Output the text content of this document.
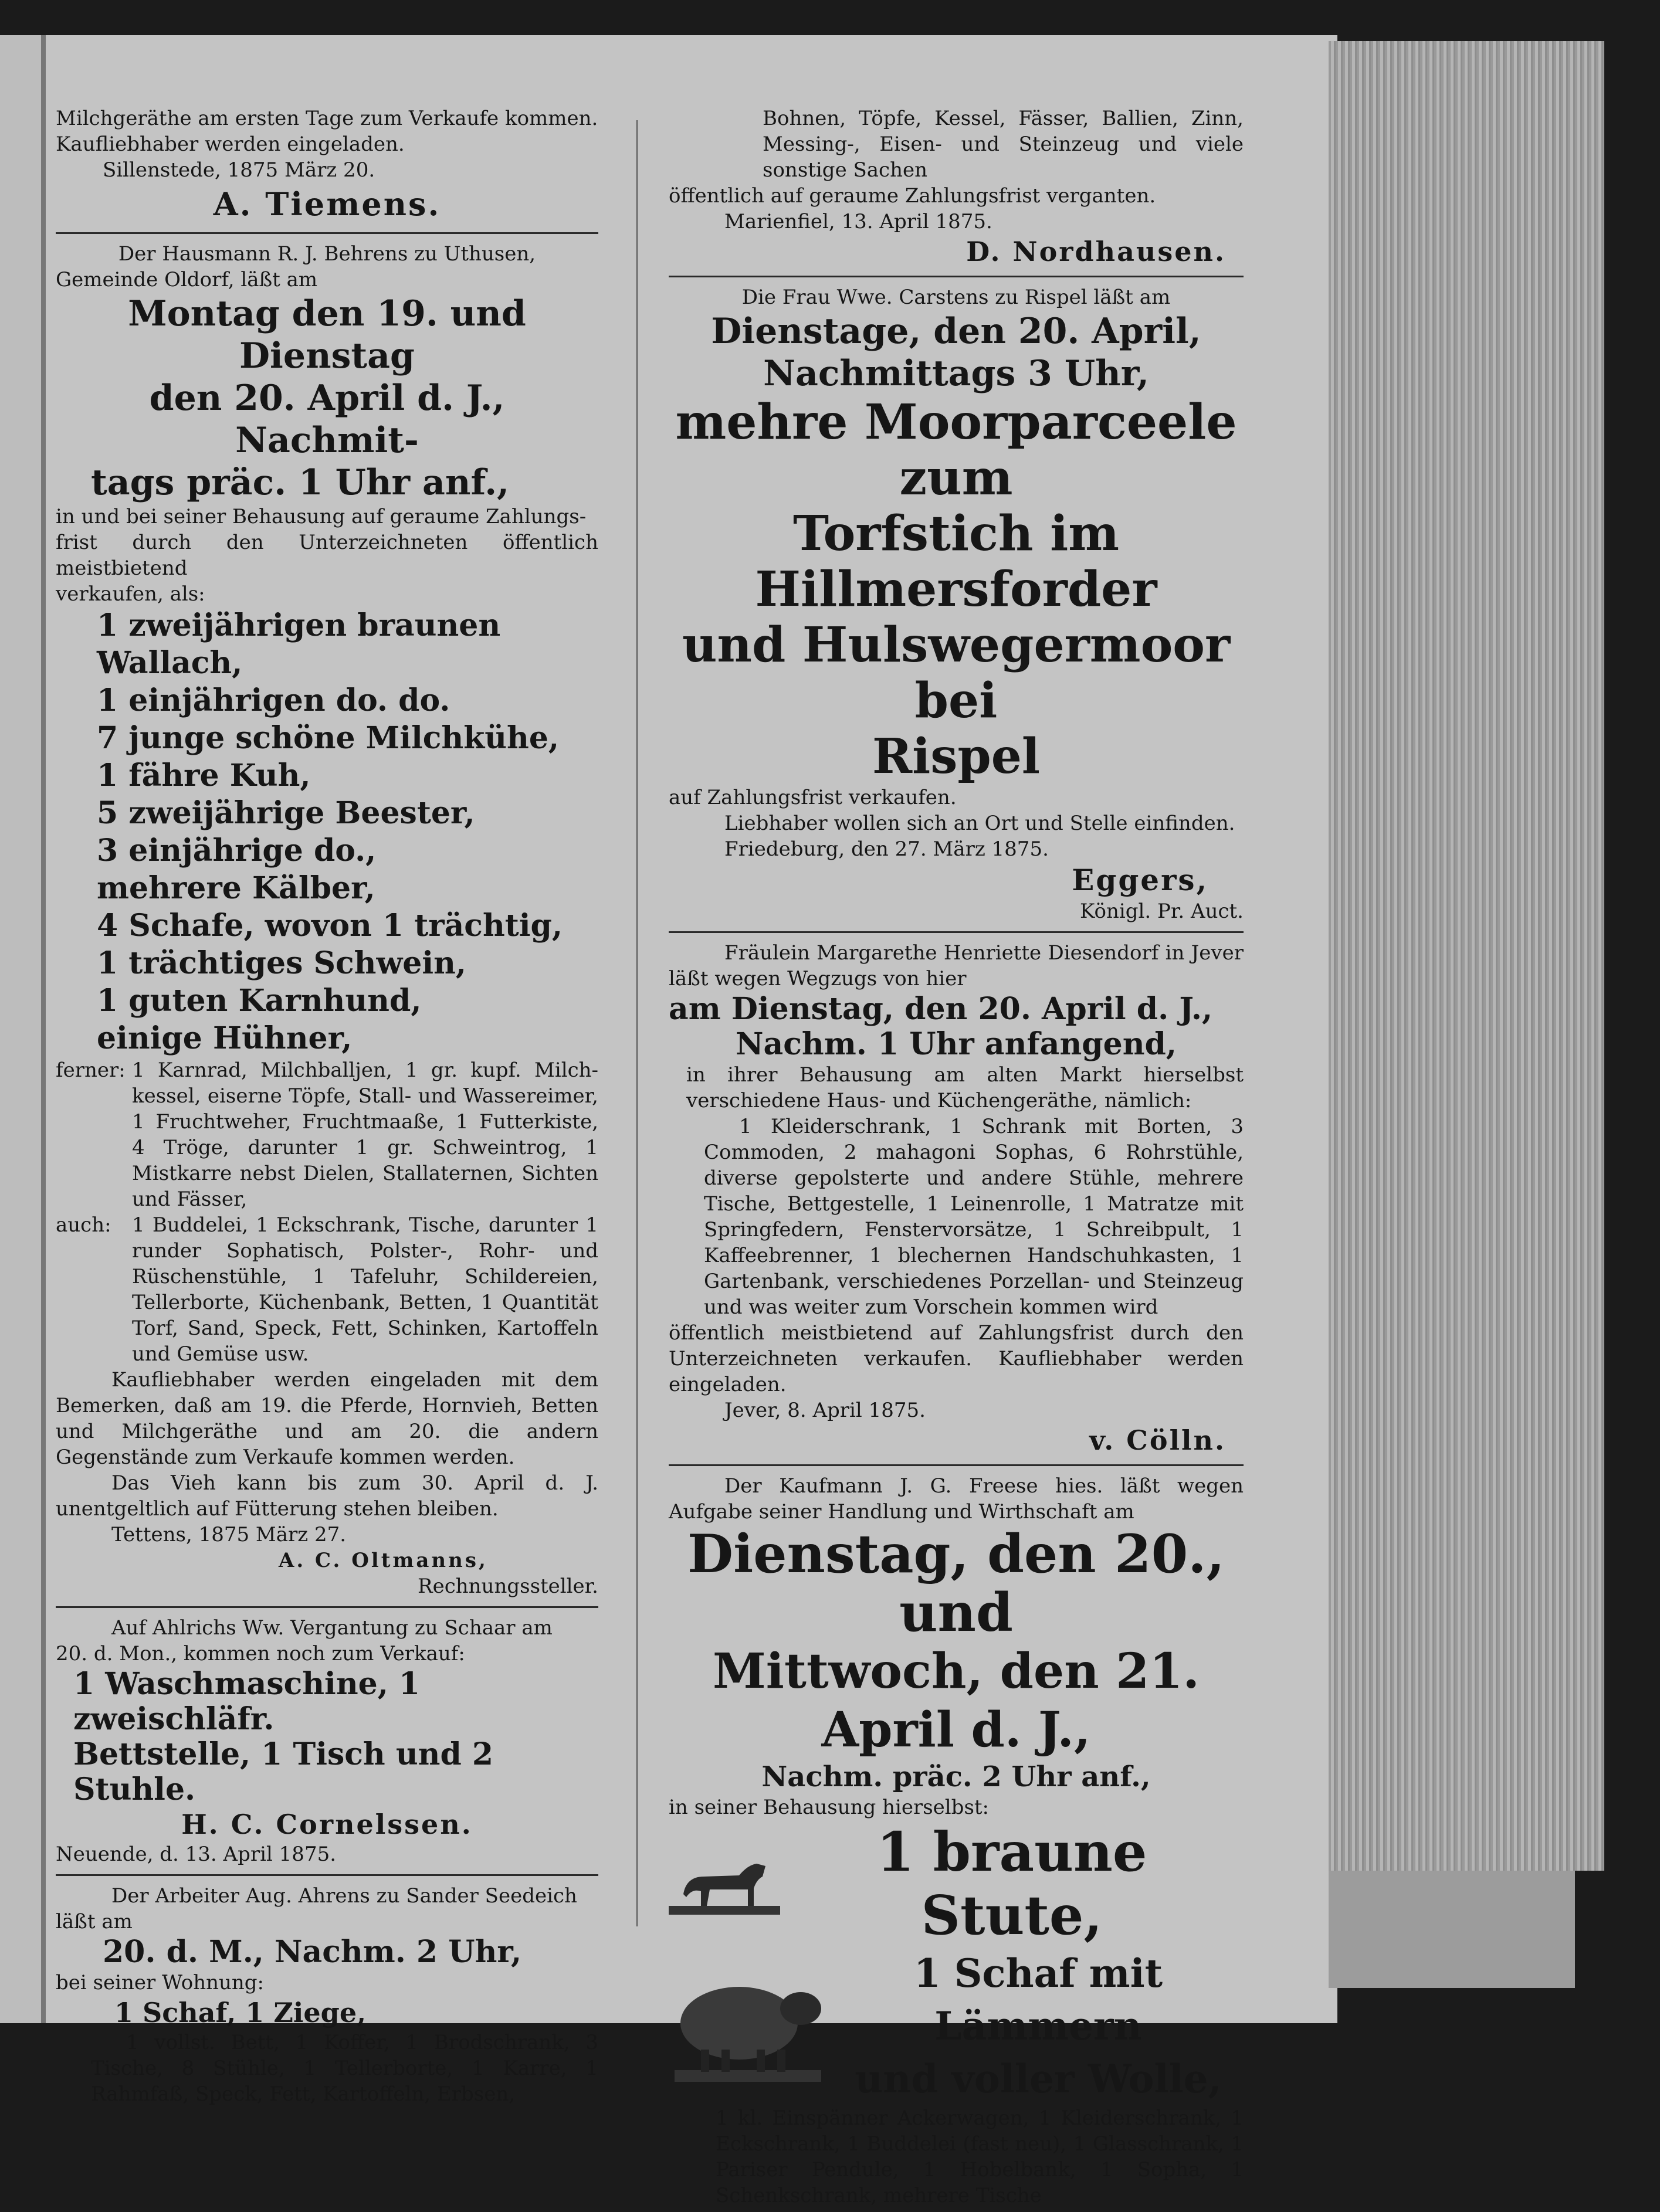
Milchgeräthe am ersten Tage zum Verkaufe kommen.
Kaufliebhaber werden eingeladen.
Sillenstede, 1875 März 20.
A. Tiemens.
Der Hausmann R. J. Behrens zu Uthusen,
Gemeinde Oldorf, läßt am
Montag den 19. und Dienstag
den 20. April d. J., Nachmit-
tags präc. 1 Uhr anf.,
in und bei seiner Behausung auf geraume Zahlungs-
frist durch den Unterzeichneten öffentlich meistbietend
verkaufen, als:
1 zweijährigen braunen Wallach,
1 einjährigen do. do.
7 junge schöne Milchkühe,
1 fähre Kuh,
5 zweijährige Beester,
3 einjährige do.,
mehrere Kälber,
4 Schafe, wovon 1 trächtig,
1 trächtiges Schwein,
1 guten Karnhund,
einige Hühner,
ferner: 1 Karnrad, Milchballjen, 1 gr. kupf. Milch-kessel, eiserne Töpfe, Stall- und Wassereimer, 1 Fruchtweher, Fruchtmaaße, 1 Futterkiste, 4 Tröge, darunter 1 gr. Schweintrog, 1 Mistkarre nebst Dielen, Stallaternen, Sichten und Fässer,
auch:	1 Buddelei, 1 Eckschrank, Tische, darunter 1 runder Sophatisch, Polster-, Rohr- und Rüschenstühle, 1 Tafeluhr, Schildereien, Tellerborte, Küchenbank, Betten, 1 Quantität Torf, Sand, Speck, Fett, Schinken, Kartoffeln und Gemüse usw.
Kaufliebhaber werden eingeladen mit dem Bemerken, daß am 19. die Pferde, Hornvieh, Betten und Milchgeräthe und am 20. die andern Gegenstände zum Verkaufe kommen werden.
Das Vieh kann bis zum 30. April d. J. unentgeltlich auf Fütterung stehen bleiben.
Tettens, 1875 März 27.
A. C. Oltmanns,
Rechnungssteller.
Auf Ahlrichs Ww. Vergantung zu Schaar am
20. d. Mon., kommen noch zum Verkauf:
1 Waschmaschine, 1 zweischläfr.
Bettstelle, 1 Tisch und 2 Stuhle.
H. C. Cornelssen.
Neuende, d. 13. April 1875.
Der Arbeiter Aug. Ahrens zu Sander Seedeich
läßt am
20. d. M., Nachm. 2 Uhr,
bei seiner Wohnung:
1 Schaf, 1 Ziege,
1 vollst. Bett, 1 Koffer, 1 Brodschrank, 3 Tische, 8 Stühle, 1 Tellerborte, 1 Karre, 1 Rahmfaß, Speck, Fett, Kartoffeln, Erbsen,
Bohnen, Töpfe, Kessel, Fässer, Ballien, Zinn, Messing-, Eisen- und Steinzeug und viele sonstige Sachen
öffentlich auf geraume Zahlungsfrist verganten.
Marienfiel, 13. April 1875.
D. Nordhausen.
Die Frau Wwe. Carstens zu Rispel läßt am
Dienstage, den 20. April,
Nachmittags 3 Uhr,
mehre Moorparceele zum
Torfstich im Hillmersforder
und Hulswegermoor bei
Rispel
auf Zahlungsfrist verkaufen.
Liebhaber wollen sich an Ort und Stelle einfinden.
Friedeburg, den 27. März 1875.
Eggers,
Königl. Pr. Auct.
Fräulein Margarethe Henriette Diesendorf in Jever läßt wegen Wegzugs von hier
am Dienstag, den 20. April d. J.,
Nachm. 1 Uhr anfangend,
in ihrer Behausung am alten Markt hierselbst verschiedene Haus- und Küchengeräthe, nämlich:
1 Kleiderschrank, 1 Schrank mit Borten, 3 Commoden, 2 mahagoni Sophas, 6 Rohrstühle, diverse gepolsterte und andere Stühle, mehrere Tische, Bettgestelle, 1 Leinenrolle, 1 Matratze mit Springfedern, Fenstervorsätze, 1 Schreibpult, 1 Kaffeebrenner, 1 blechernen Handschuhkasten, 1 Gartenbank, verschiedenes Porzellan- und Steinzeug und was weiter zum Vorschein kommen wird
öffentlich meistbietend auf Zahlungsfrist durch den Unterzeichneten verkaufen. Kaufliebhaber werden eingeladen.
Jever, 8. April 1875.
v. Cölln.
Der Kaufmann J. G. Freese hies. läßt wegen Aufgabe seiner Handlung und Wirthschaft am
Dienstag, den 20., und
Mittwoch, den 21. April d. J.,
Nachm. präc. 2 Uhr anf.,
in seiner Behausung hierselbst:
1 braune Stute,
1 Schaf mit Lämmern
und voller Wolle,
1 kl. Einspänner Ackerwagen, 1 Kleiderschrank, 1 Eckschrank, 1 Buddelei (fast neu), 1 Glasschrank, 1 Pariser Pendule, 1 Hobelbank, 1 Sopha, 1 Schenkschrank, mehrere Tische
